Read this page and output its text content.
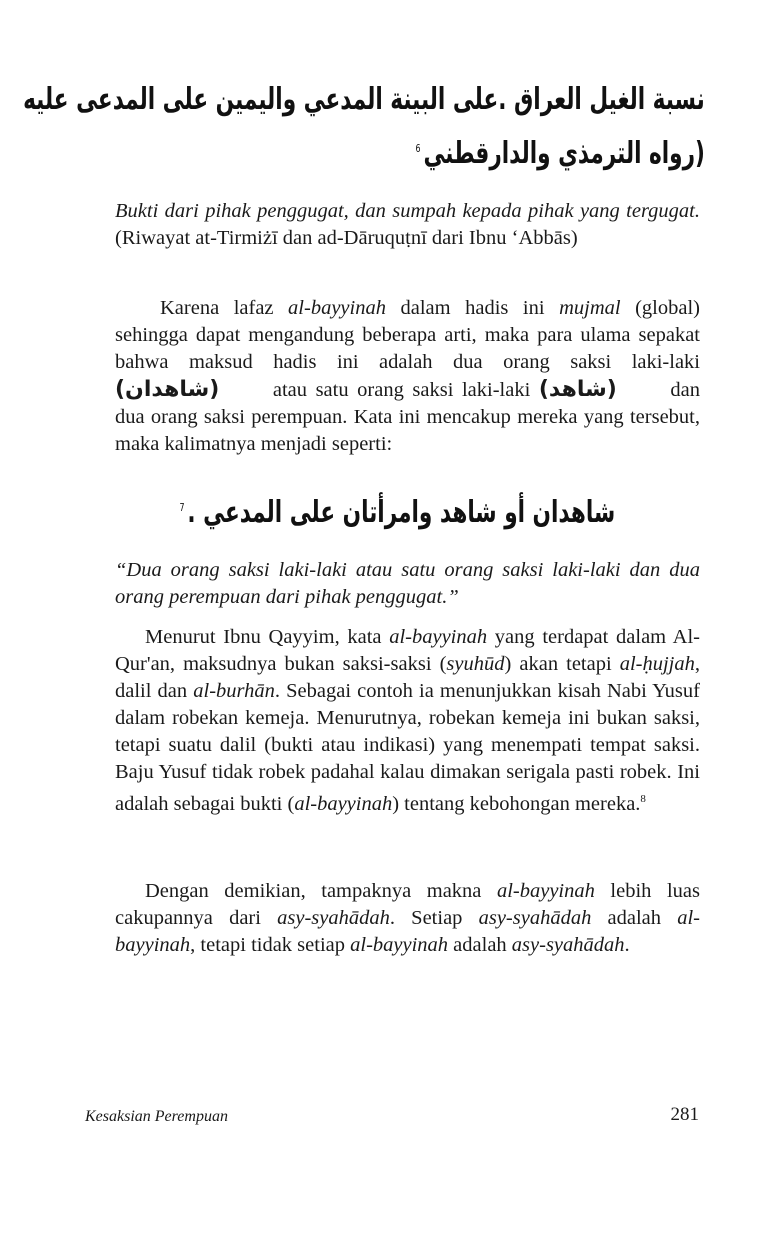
ﻧﺴﺒﺔ ﺍﻟﻐﻴﻞ ﺍﻟﻌﺮﺍﻕ .ﻋﻠﻰ ﺍﻟﺒﻴﻨﺔ ﺍﻟﻤﺪﻋﻲ ﻭﺍﻟﻴﻤﻴﻦ ﻋﻠﻰ ﺍﻟﻤﺪﻋﻰ ﻋﻠﻴﻪ
$^6$(ﺭﻭﺍﻩ ﺍﻟﺘﺮﻣﺬﻱ ﻭﺍﻟﺪﺍﺭﻗﻄﻨﻲ
Bukti dari pihak penggugat, dan sumpah kepada pihak yang tergugat. (Riwayat at-Tirmiżī dan ad-Dāruquṭnī dari Ibnu ‘Abbās)
Karena lafaz al-bayyinah dalam hadis ini mujmal (global) sehingga dapat mengandung beberapa arti, maka para ulama sepakat bahwa maksud hadis ini adalah dua orang saksi laki-laki (ﺷﺎﻫﺪﺍﻥ) atau satu orang saksi laki-laki (ﺷﺎﻫﺪ) dan dua orang saksi perempuan. Kata ini mencakup mereka yang tersebut, maka kalimatnya menjadi seperti:
$^7$ﺷﺎﻫﺪﺍﻥ ﺃﻭ ﺷﺎﻫﺪ ﻭﺍﻣﺮﺃﺗﺎﻥ ﻋﻠﻰ ﺍﻟﻤﺪﻋﻲ .
“Dua orang saksi laki-laki atau satu orang saksi laki-laki dan dua orang perempuan dari pihak penggugat.”
Menurut Ibnu Qayyim, kata al-bayyinah yang terdapat dalam Al-Qur'an, maksudnya bukan saksi-saksi (syuhūd) akan tetapi al-ḥujjah, dalil dan al-burhān. Sebagai contoh ia menunjukkan kisah Nabi Yusuf dalam robekan kemeja. Menurutnya, robekan kemeja ini bukan saksi, tetapi suatu dalil (bukti atau indikasi) yang menempati tempat saksi. Baju Yusuf tidak robek padahal kalau dimakan serigala pasti robek. Ini adalah sebagai bukti (al-bayyinah) tentang kebohongan mereka.$^8$
Dengan demikian, tampaknya makna al-bayyinah lebih luas cakupannya dari asy-syahādah. Setiap asy-syahādah adalah al-bayyinah, tetapi tidak setiap al-bayyinah adalah asy-syahādah.
Kesaksian Perempuan	281
